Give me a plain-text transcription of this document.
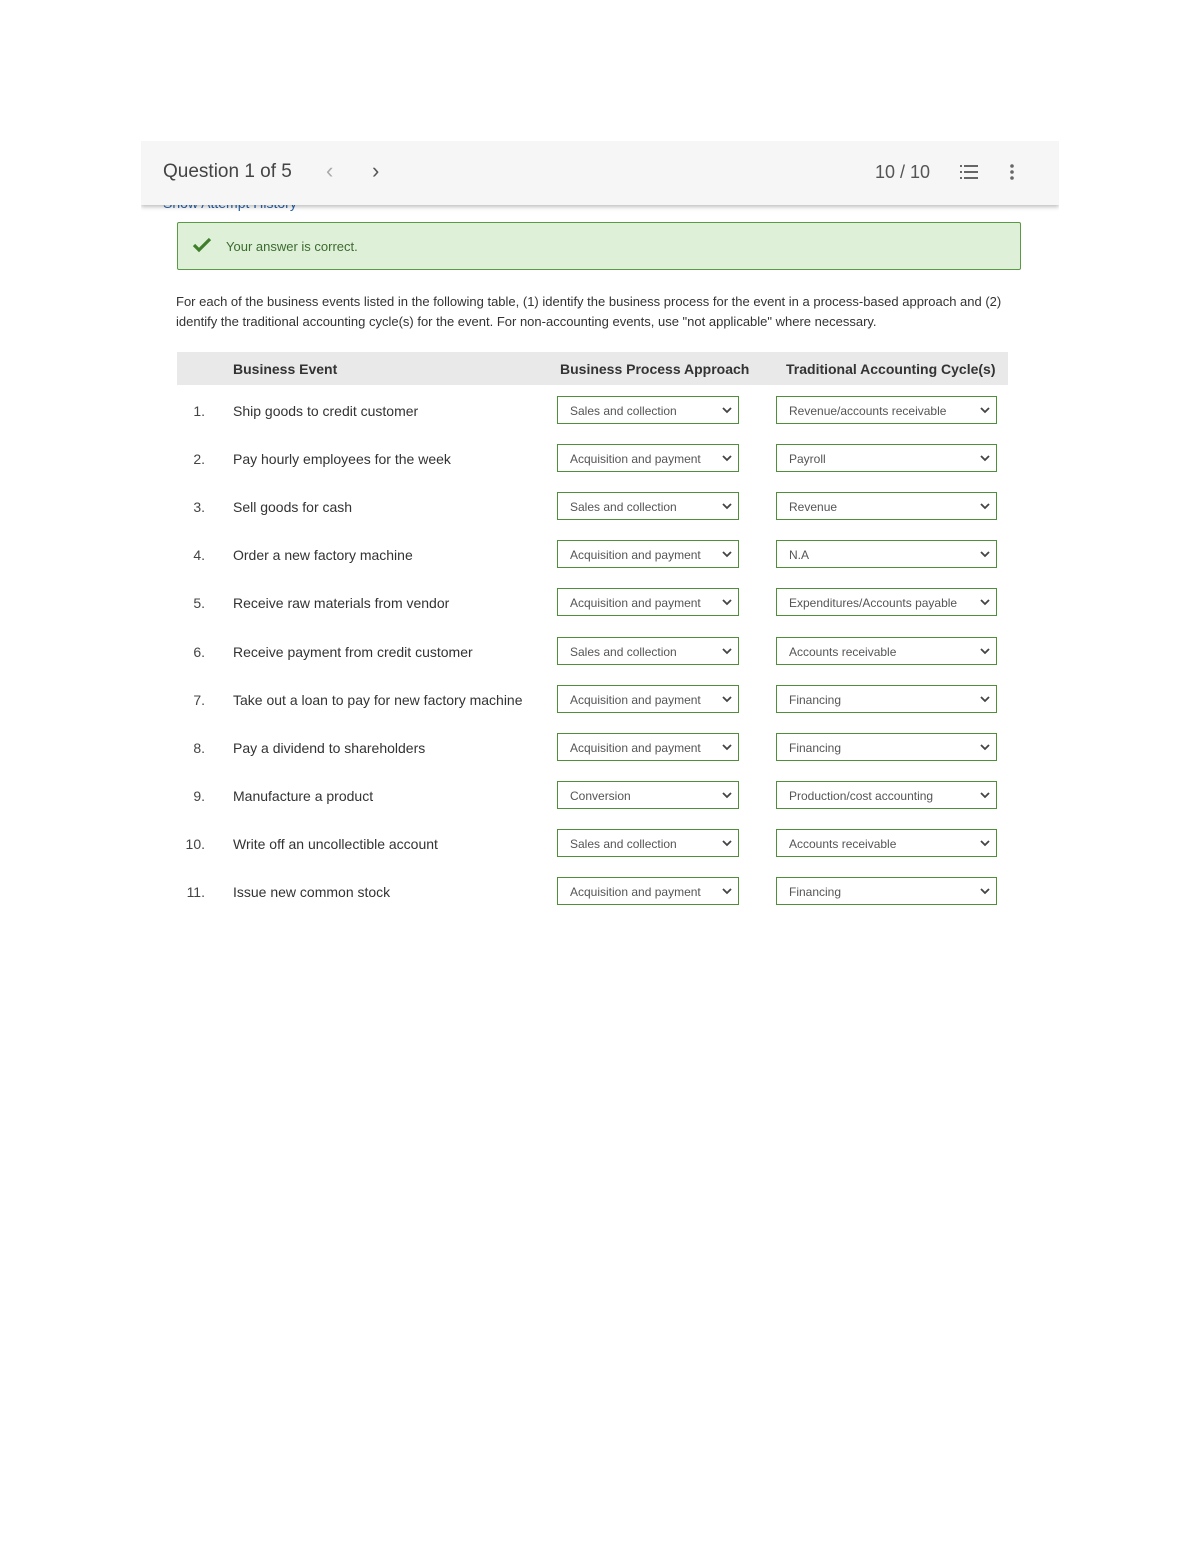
Question 1 of 5 ‹ ›	10 / 10
Your answer is correct.
For each of the business events listed in the following table, (1) identify the business process for the event in a process-based approach and (2) identify the traditional accounting cycle(s) for the event. For non-accounting events, use "not applicable" where necessary.
Business Event	Business Process Approach	Traditional Accounting Cycle(s)
1. Ship goods to credit customer	Sales and collection	Revenue/accounts receivable
2. Pay hourly employees for the week	Acquisition and payment	Payroll
3. Sell goods for cash	Sales and collection	Revenue
4. Order a new factory machine	Acquisition and payment	N.A
5. Receive raw materials from vendor	Acquisition and payment	Expenditures/Accounts payable
6. Receive payment from credit customer	Sales and collection	Accounts receivable
7. Take out a loan to pay for new factory machine	Acquisition and payment	Financing
8. Pay a dividend to shareholders	Acquisition and payment	Financing
9. Manufacture a product	Conversion	Production/cost accounting
10. Write off an uncollectible account	Sales and collection	Accounts receivable
11. Issue new common stock	Acquisition and payment	Financing
